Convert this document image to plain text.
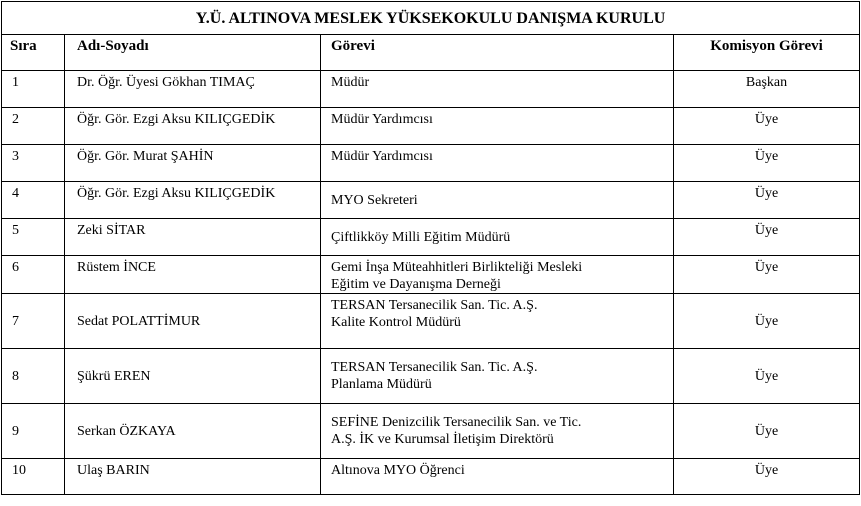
Y.Ü. ALTINOVA MESLEK YÜKSEKOKULU DANIŞMA KURULU			
Sıra	Adı-Soyadı	Görevi	Komisyon Görevi
1	Dr. Öğr. Üyesi Gökhan TIMAÇ	Müdür	Başkan
2	Öğr. Gör. Ezgi Aksu KILIÇGEDİK	Müdür Yardımcısı	Üye
3	Öğr. Gör. Murat ŞAHİN	Müdür Yardımcısı	Üye
4	Öğr. Gör. Ezgi Aksu KILIÇGEDİK	MYO Sekreteri	Üye
5	Zeki SİTAR	Çiftlikköy Milli Eğitim Müdürü	Üye
6	Rüstem İNCE	Gemi İnşa Müteahhitleri Birlikteliği Mesleki
Eğitim ve Dayanışma Derneği	Üye
7	Sedat POLATTİMUR	TERSAN Tersanecilik San. Tic. A.Ş.
Kalite Kontrol Müdürü	Üye
8	Şükrü EREN	TERSAN Tersanecilik San. Tic. A.Ş.
Planlama Müdürü	Üye
9	Serkan ÖZKAYA	SEFİNE Denizcilik Tersanecilik San. ve Tic.
A.Ş. İK ve Kurumsal İletişim Direktörü	Üye
10	Ulaş BARIN	Altınova MYO Öğrenci	Üye
